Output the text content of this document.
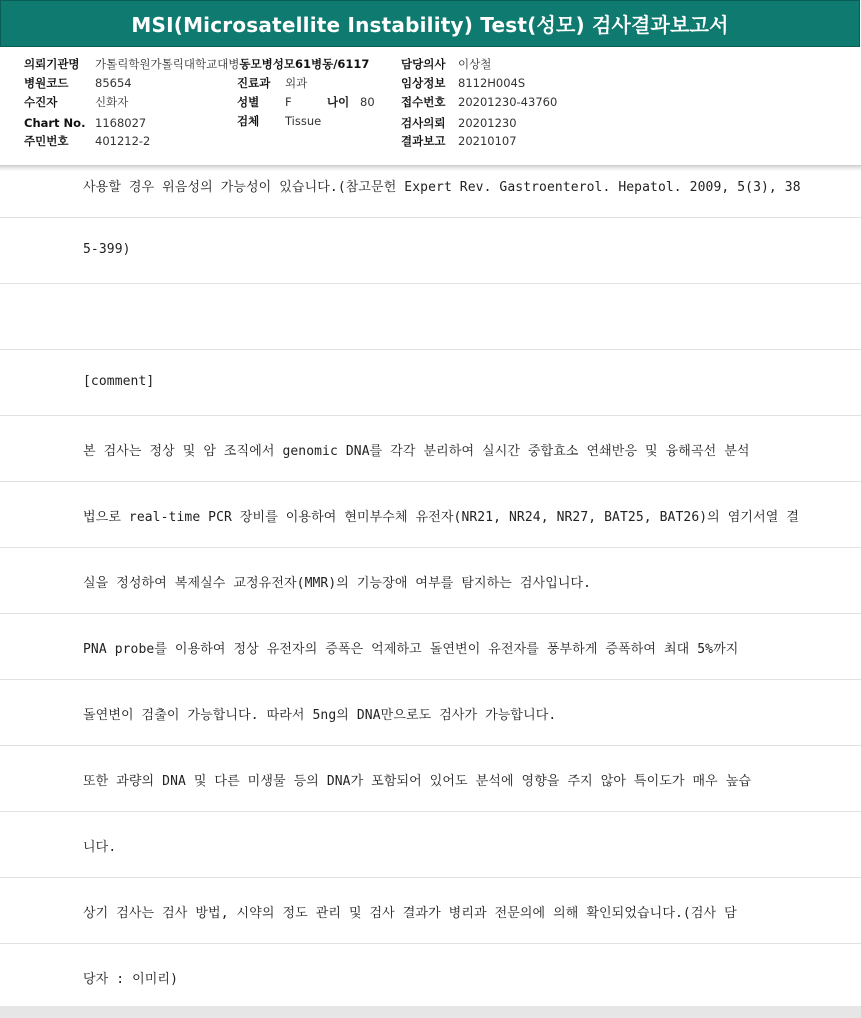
사용할 경우 위음성의 가능성이 있습니다.(참고문헌 Expert Rev. Gastroenterol. Hepatol. 2009, 5(3), 38
5-399)
[comment]
본 검사는 정상 및 암 조직에서 genomic DNA를 각각 분리하여 실시간 중합효소 연쇄반응 및 융해곡선 분석
법으로 real-time PCR 장비를 이용하여 현미부수체 유전자(NR21, NR24, NR27, BAT25, BAT26)의 염기서열 결
실을 정성하여 복제실수 교정유전자(MMR)의 기능장애 여부를 탐지하는 검사입니다.
PNA probe를 이용하여 정상 유전자의 증폭은 억제하고 돌연변이 유전자를 풍부하게 증폭하여 최대 5%까지
돌연변이 검출이 가능합니다. 따라서 5ng의 DNA만으로도 검사가 가능합니다.
또한 과량의 DNA 및 다른 미생물 등의 DNA가 포함되어 있어도 분석에 영향을 주지 않아 특이도가 매우 높습
니다.
상기 검사는 검사 방법, 시약의 정도 관리 및 검사 결과가 병리과 전문의에 의해 확인되었습니다.(검사 담
당자 : 이미리)
MSI(Microsatellite Instability) Test(성모) 검사결과보고서
의뢰기관명 가톨릭학원가톨릭대학교대병동모병성모61병동/6117
병원코드 85654
수진자	신화자
Chart No. 1168027
주민번호 401212-2
진료과 외과
성별 F	나이 80
검체 Tissue
담당의사 이상철
임상정보 8112H004S
접수번호 20201230-43760
검사의뢰 20201230
결과보고 20210107
